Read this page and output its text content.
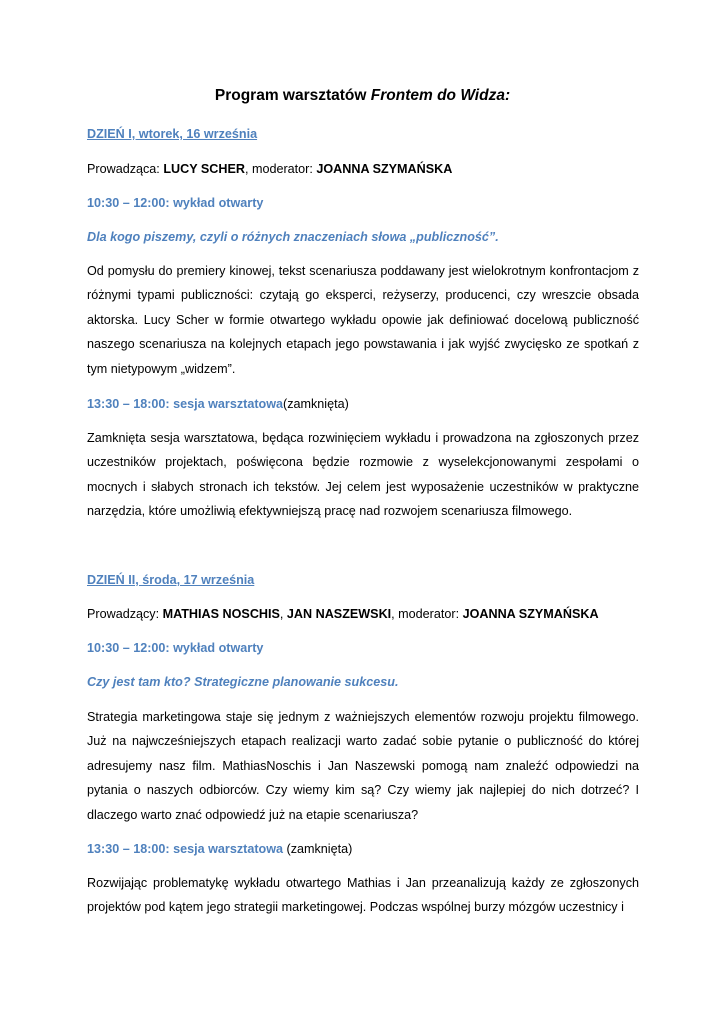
Program warsztatów Frontem do Widza:
DZIEŃ I, wtorek, 16 września
Prowadząca: LUCY SCHER, moderator: JOANNA SZYMAŃSKA
10:30 – 12:00: wykład otwarty
Dla kogo piszemy, czyli o różnych znaczeniach słowa „publiczność”.
Od pomysłu do premiery kinowej, tekst scenariusza poddawany jest wielokrotnym konfrontacjom z różnymi typami publiczności: czytają go eksperci, reżyserzy, producenci, czy wreszcie obsada aktorska. Lucy Scher w formie otwartego wykładu opowie jak definiować docelową publiczność naszego scenariusza na kolejnych etapach jego powstawania i jak wyjść zwycięsko ze spotkań z tym nietypowym „widzem”.
13:30 – 18:00: sesja warsztatowa(zamknięta)
Zamknięta sesja warsztatowa, będąca rozwinięciem wykładu i prowadzona na zgłoszonych przez uczestników projektach, poświęcona będzie rozmowie z wyselekcjonowanymi zespołami o mocnych i słabych stronach ich tekstów. Jej celem jest wyposażenie uczestników w praktyczne narzędzia, które umożliwią efektywniejszą pracę nad rozwojem scenariusza filmowego.
DZIEŃ II, środa, 17 września
Prowadzący: MATHIAS NOSCHIS, JAN NASZEWSKI, moderator: JOANNA SZYMAŃSKA
10:30 – 12:00: wykład otwarty
Czy jest tam kto? Strategiczne planowanie sukcesu.
Strategia marketingowa staje się jednym z ważniejszych elementów rozwoju projektu filmowego. Już na najwcześniejszych etapach realizacji warto zadać sobie pytanie o publiczność do której adresujemy nasz film. MathiasNoschis i Jan Naszewski pomogą nam znaleźć odpowiedzi na pytania o naszych odbiorców. Czy wiemy kim są? Czy wiemy jak najlepiej do nich dotrzeć? I dlaczego warto znać odpowiedź już na etapie scenariusza?
13:30 – 18:00: sesja warsztatowa (zamknięta)
Rozwijając problematykę wykładu otwartego Mathias i Jan przeanalizują każdy ze zgłoszonych projektów pod kątem jego strategii marketingowej. Podczas wspólnej burzy mózgów uczestnicy i
